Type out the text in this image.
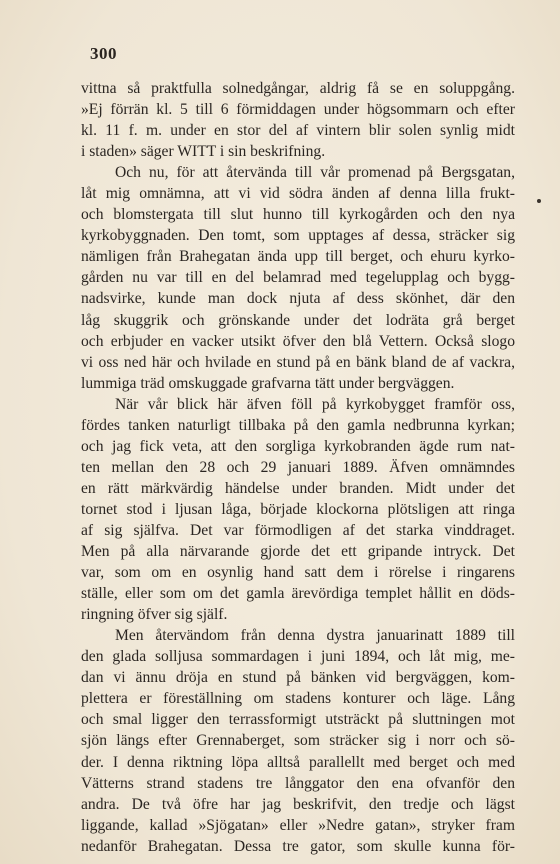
300
vittna så praktfulla solnedgångar, aldrig få se en soluppgång.
»Ej förrän kl. 5 till 6 förmiddagen under högsommarn och efter
kl. 11 f. m. under en stor del af vintern blir solen synlig midt
i staden» säger WITT i sin beskrifning.
Och nu, för att återvända till vår promenad på Bergsgatan,
låt mig omnämna, att vi vid södra änden af denna lilla frukt-
och blomstergata till slut hunno till kyrkogården och den nya
kyrkobyggnaden. Den tomt, som upptages af dessa, sträcker sig
nämligen från Brahegatan ända upp till berget, och ehuru kyrko-
gården nu var till en del belamrad med tegelupplag och bygg-
nadsvirke, kunde man dock njuta af dess skönhet, där den
låg skuggrik och grönskande under det lodräta grå berget
och erbjuder en vacker utsikt öfver den blå Vettern. Också slogo
vi oss ned här och hvilade en stund på en bänk bland de af vackra,
lummiga träd omskuggade grafvarna tätt under bergväggen.
När vår blick här äfven föll på kyrkobygget framför oss,
fördes tanken naturligt tillbaka på den gamla nedbrunna kyrkan;
och jag fick veta, att den sorgliga kyrkobranden ägde rum nat-
ten mellan den 28 och 29 januari 1889. Äfven omnämndes
en rätt märkvärdig händelse under branden. Midt under det
tornet stod i ljusan låga, började klockorna plötsligen att ringa
af sig själfva. Det var förmodligen af det starka vinddraget.
Men på alla närvarande gjorde det ett gripande intryck. Det
var, som om en osynlig hand satt dem i rörelse i ringarens
ställe, eller som om det gamla ärevördiga templet hållit en döds-
ringning öfver sig själf.
Men återvändom från denna dystra januarinatt 1889 till
den glada solljusa sommardagen i juni 1894, och låt mig, me-
dan vi ännu dröja en stund på bänken vid bergväggen, kom-
plettera er föreställning om stadens konturer och läge. Lång
och smal ligger den terrassformigt utsträckt på sluttningen mot
sjön längs efter Grennaberget, som sträcker sig i norr och sö-
der. I denna riktning löpa alltså parallellt med berget och med
Vätterns strand stadens tre långgator den ena ofvanför den
andra. De två öfre har jag beskrifvit, den tredje och lägst
liggande, kallad »Sjögatan» eller »Nedre gatan», stryker fram
nedanför Brahegatan. Dessa tre gator, som skulle kunna för-
